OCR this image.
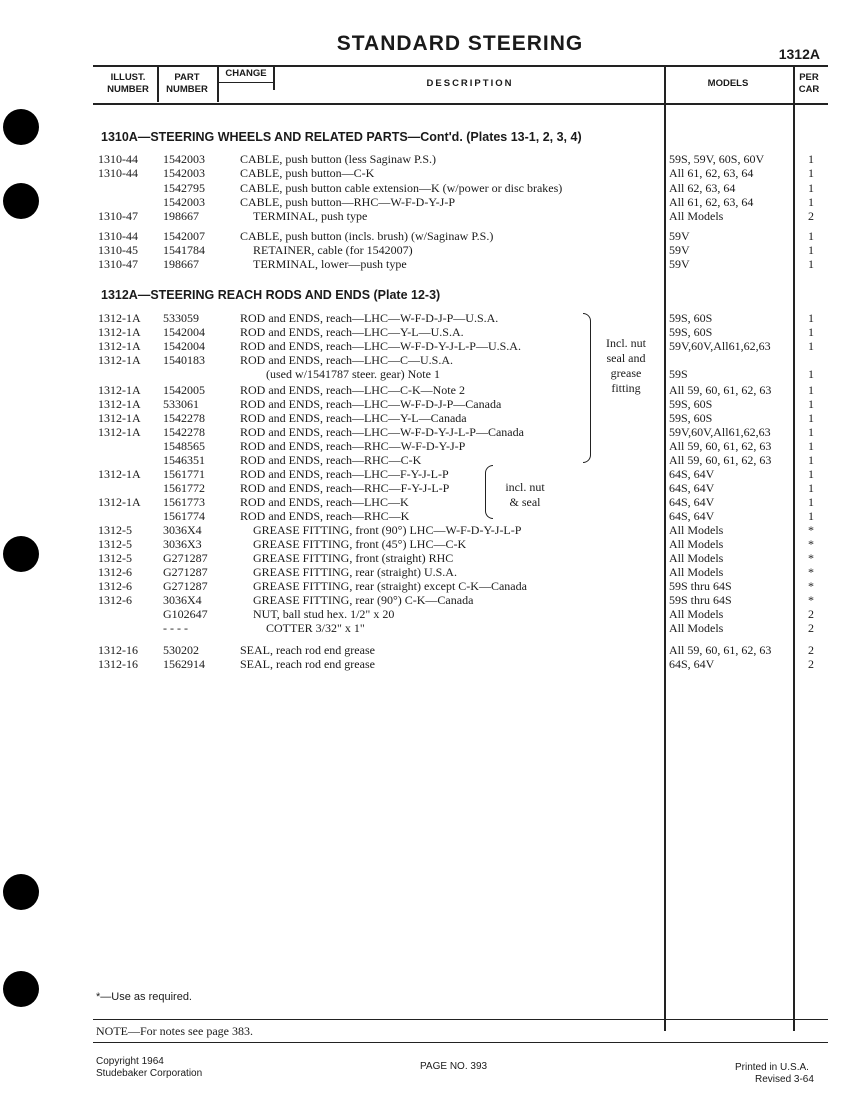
STANDARD STEERING	1312A
ILLUST. NUMBER
PART NUMBER
CHANGE
DESCRIPTION	MODELS
PER CAR
1310A—STEERING WHEELS AND RELATED PARTS—Cont'd. (Plates 13-1, 2, 3, 4)
1310-44 1542003	CABLE, push button (less Saginaw P.S.) . . .	59S, 59V, 60S, 60V . . .	1
1310-44 1542003	CABLE, push button—C-K . . .	All 61, 62, 63, 64 . . .	1
1542795	CABLE, push button cable extension—K (w/power or disc brakes) . . .	All 62, 63, 64 . . .	1
1542003	CABLE, push button—RHC—W-F-D-Y-J-P . . .	All 61, 62, 63, 64 . . .	1
1310-47 198667	TERMINAL, push type . . .	All Models . . .	2
1310-44 1542007	CABLE, push button (incls. brush) (w/Saginaw P.S.) . . .	59V . . .	1
1310-45 1541784	RETAINER, cable (for 1542007) . . .	59V . . .	1
1310-47 198667	TERMINAL, lower—push type . . .	59V . . .	1
1312A—STEERING REACH RODS AND ENDS (Plate 12-3)
1312-1A 533059	ROD and ENDS, reach—LHC—W-F-D-J-P—U.S.A. . . .	59S, 60S . . .	1
1312-1A 1542004	ROD and ENDS, reach—LHC—Y-L—U.S.A. . . .	59S, 60S . . .	1
1312-1A 1542004	ROD and ENDS, reach—LHC—W-F-D-Y-J-L-P—U.S.A. . . .	59V,60V,All61,62,63 . . .	1
1312-1A 1540183	ROD and ENDS, reach—LHC—C—U.S.A. . . .
(used w/1541787 steer. gear) Note 1 . . .	59S . . .	1
1312-1A 1542005	ROD and ENDS, reach—LHC—C-K—Note 2 . . .	All 59, 60, 61, 62, 63 . . .	1
1312-1A 533061	ROD and ENDS, reach—LHC—W-F-D-J-P—Canada . . .	59S, 60S . . .	1
1312-1A 1542278	ROD and ENDS, reach—LHC—Y-L—Canada . . .	59S, 60S . . .	1
1312-1A 1542278	ROD and ENDS, reach—LHC—W-F-D-Y-J-L-P—Canada . . .	59V,60V,All61,62,63 . . .	1
1548565	ROD and ENDS, reach—RHC—W-F-D-Y-J-P . . .	All 59, 60, 61, 62, 63 . . .	1
1546351	ROD and ENDS, reach—RHC—C-K . . .	All 59, 60, 61, 62, 63 . . .	1
1312-1A 1561771	ROD and ENDS, reach—LHC—F-Y-J-L-P . . .	64S, 64V . . .	1
1561772	ROD and ENDS, reach—RHC—F-Y-J-L-P . . .	64S, 64V . . .	1
1312-1A 1561773	ROD and ENDS, reach—LHC—K . . .	64S, 64V . . .	1
1561774	ROD and ENDS, reach—RHC—K . . .	64S, 64V . . .	1
1312-5	3036X4	GREASE FITTING, front (90°) LHC—W-F-D-Y-J-L-P . . .	All Models . . .	*
1312-5	3036X3	GREASE FITTING, front (45°) LHC—C-K . . .	All Models . . .	*
1312-5	G271287	GREASE FITTING, front (straight) RHC . . .	All Models . . .	*
1312-6	G271287	GREASE FITTING, rear (straight) U.S.A. . . .	All Models . . .	*
1312-6	G271287	GREASE FITTING, rear (straight) except C-K—Canada . . .	59S thru 64S . . .	*
1312-6	3036X4	GREASE FITTING, rear (90°) C-K—Canada . . .	59S thru 64S . . .	*
G102647	NUT, ball stud hex. 1/2" x 20 . . .	All Models . . .	2
- - - -	COTTER 3/32" x 1" . . .	All Models . . .	2
1312-16 530202	SEAL, reach rod end grease . . .	All 59, 60, 61, 62, 63 . . .	2
1312-16 1562914	SEAL, reach rod end grease . . .	64S, 64V . . .	2
Incl. nut seal and grease fitting
incl. nut
& seal
*—Use as required.
NOTE—For notes see page 383.
Copyright 1964
Studebaker Corporation
PAGE NO. 393	Printed in U.S.A.
Revised 3-64
